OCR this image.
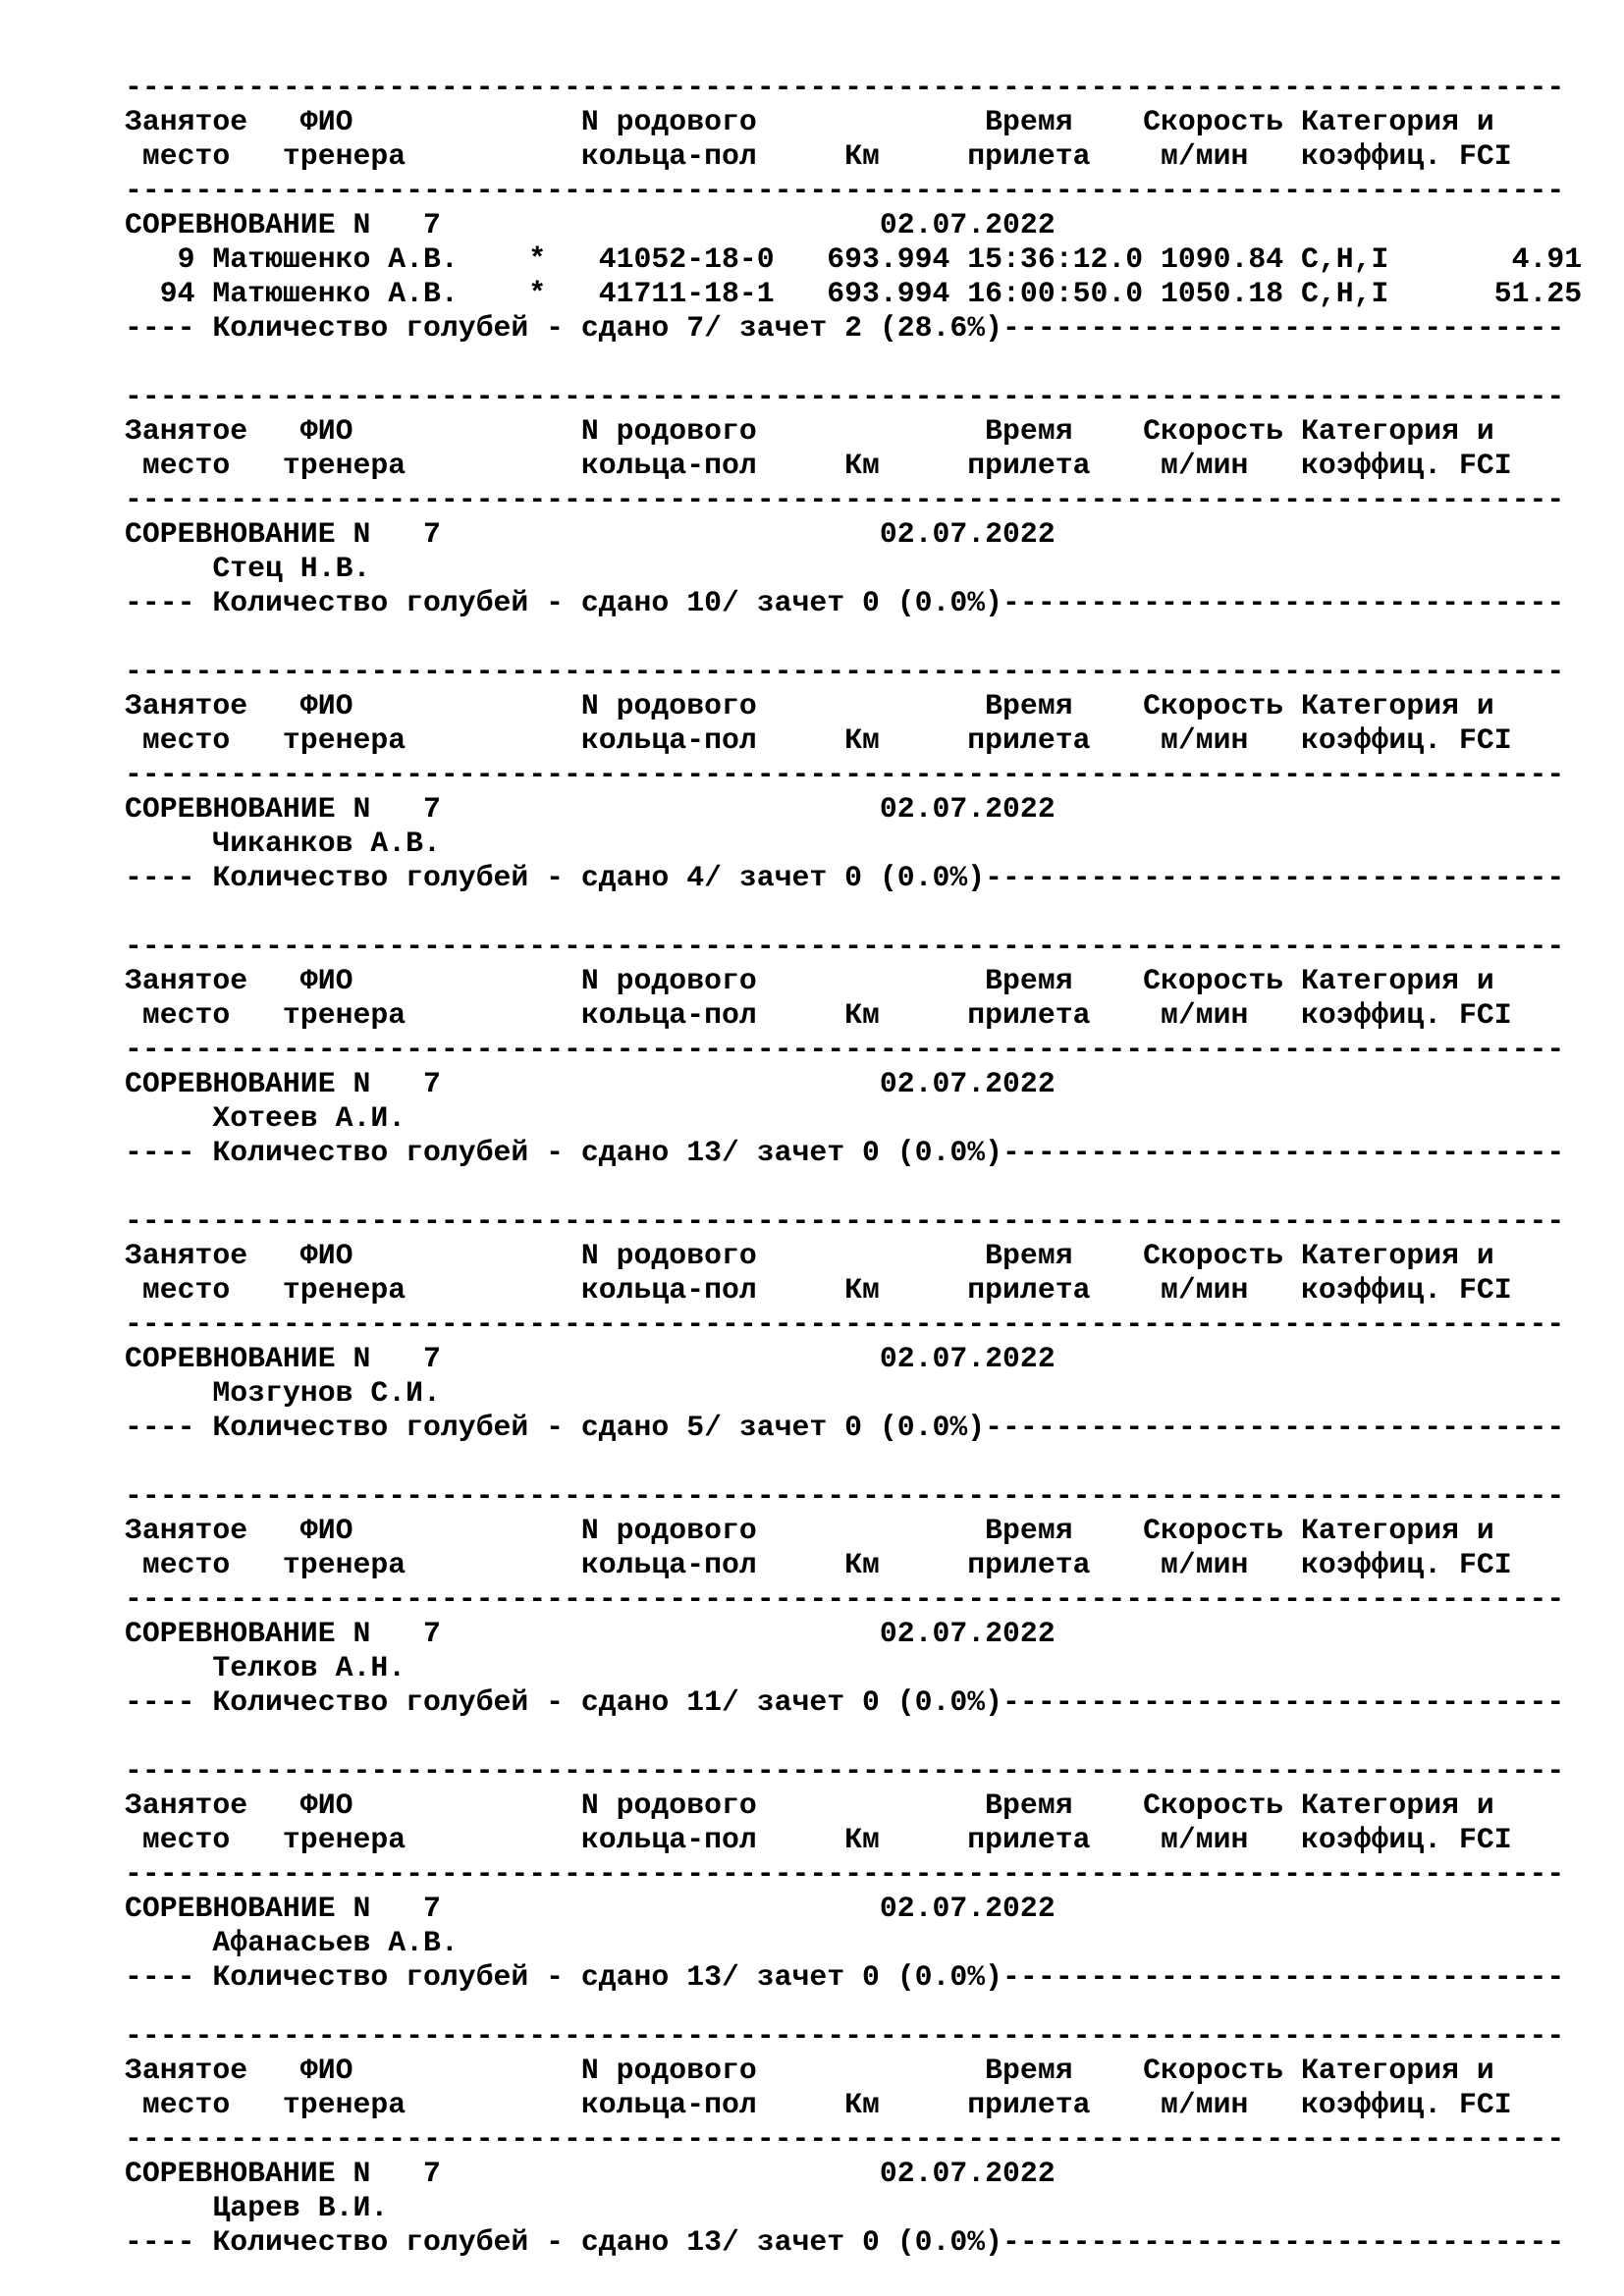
----------------------------------------------------------------------------------
Занятое   ФИО             N родового             Время    Скорость Категория и
место   тренера          кольца-пол     Км     прилета    м/мин   коэффиц. FCI
----------------------------------------------------------------------------------
СОРЕВНОВАНИЕ N   7                         02.07.2022
9 Матюшенко А.В.    *   41052-18-0   693.994 15:36:12.0 1090.84 C,H,I       4.91
94 Матюшенко А.В.    *   41711-18-1   693.994 16:00:50.0 1050.18 C,H,I      51.25
---- Количество голубей - сдано 7/ зачет 2 (28.6%)--------------------------------
----------------------------------------------------------------------------------
Занятое   ФИО             N родового             Время    Скорость Категория и
место   тренера          кольца-пол     Км     прилета    м/мин   коэффиц. FCI
----------------------------------------------------------------------------------
СОРЕВНОВАНИЕ N   7                         02.07.2022
Стец Н.В.
---- Количество голубей - сдано 10/ зачет 0 (0.0%)--------------------------------
----------------------------------------------------------------------------------
Занятое   ФИО             N родового             Время    Скорость Категория и
место   тренера          кольца-пол     Км     прилета    м/мин   коэффиц. FCI
----------------------------------------------------------------------------------
СОРЕВНОВАНИЕ N   7                         02.07.2022
Чиканков А.В.
---- Количество голубей - сдано 4/ зачет 0 (0.0%)---------------------------------
----------------------------------------------------------------------------------
Занятое   ФИО             N родового             Время    Скорость Категория и
место   тренера          кольца-пол     Км     прилета    м/мин   коэффиц. FCI
----------------------------------------------------------------------------------
СОРЕВНОВАНИЕ N   7                         02.07.2022
Хотеев А.И.
---- Количество голубей - сдано 13/ зачет 0 (0.0%)--------------------------------
----------------------------------------------------------------------------------
Занятое   ФИО             N родового             Время    Скорость Категория и
место   тренера          кольца-пол     Км     прилета    м/мин   коэффиц. FCI
----------------------------------------------------------------------------------
СОРЕВНОВАНИЕ N   7                         02.07.2022
Мозгунов С.И.
---- Количество голубей - сдано 5/ зачет 0 (0.0%)---------------------------------
----------------------------------------------------------------------------------
Занятое   ФИО             N родового             Время    Скорость Категория и
место   тренера          кольца-пол     Км     прилета    м/мин   коэффиц. FCI
----------------------------------------------------------------------------------
СОРЕВНОВАНИЕ N   7                         02.07.2022
Телков А.Н.
---- Количество голубей - сдано 11/ зачет 0 (0.0%)--------------------------------
----------------------------------------------------------------------------------
Занятое   ФИО             N родового             Время    Скорость Категория и
место   тренера          кольца-пол     Км     прилета    м/мин   коэффиц. FCI
----------------------------------------------------------------------------------
СОРЕВНОВАНИЕ N   7                         02.07.2022
Афанасьев А.В.
---- Количество голубей - сдано 13/ зачет 0 (0.0%)--------------------------------
----------------------------------------------------------------------------------
Занятое   ФИО             N родового             Время    Скорость Категория и
место   тренера          кольца-пол     Км     прилета    м/мин   коэффиц. FCI
----------------------------------------------------------------------------------
СОРЕВНОВАНИЕ N   7                         02.07.2022
Царев В.И.
---- Количество голубей - сдано 13/ зачет 0 (0.0%)--------------------------------
